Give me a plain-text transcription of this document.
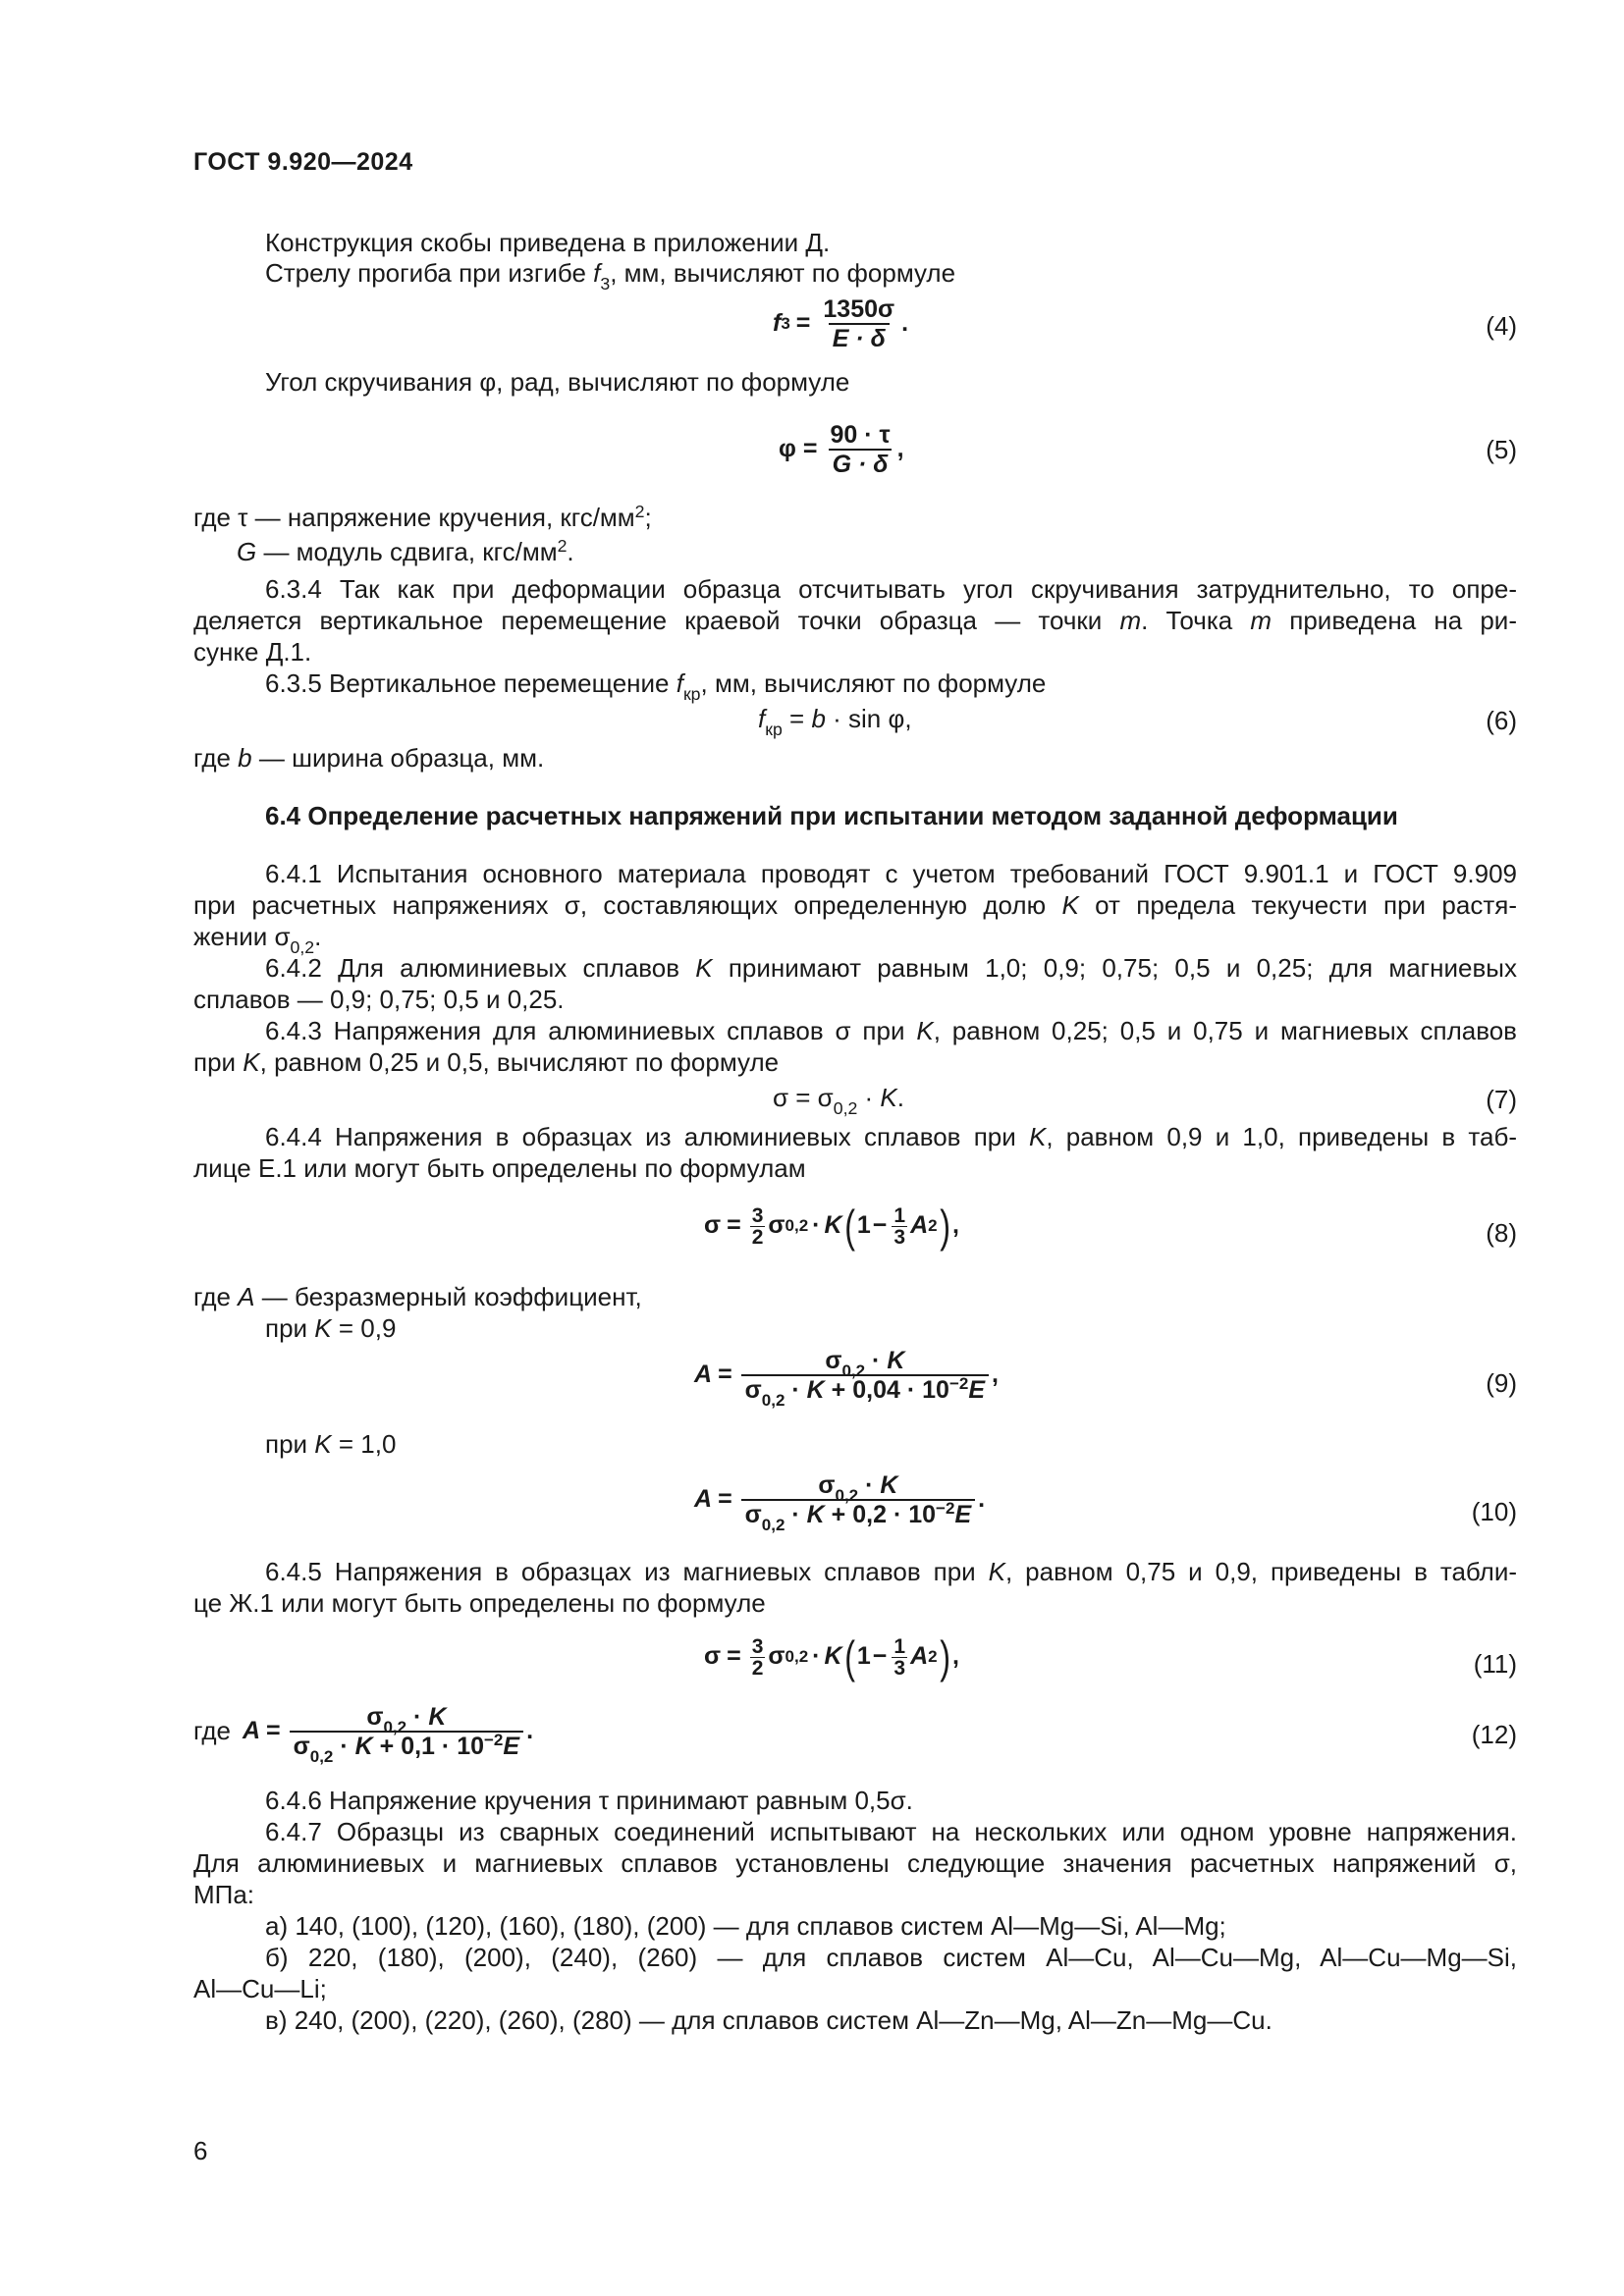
ГОСТ 9.920—2024
Конструкция скобы приведена в приложении Д.
Стрелу прогиба при изгибе $f_3$, мм, вычисляют по формуле
f $3 = \frac{1350\sigma}{E \cdot \delta}$ .	(4)
Угол скручивания φ, рад, вычисляют по формуле
$\varphi = \frac{90 \cdot \tau}{G \cdot \delta}$ ,	(5)
где τ — напряжение кручения, кгс/$мм^2$;
G — модуль сдвига, кгс/$мм^2$.
6.3.4 Так как при деформации образца отсчитывать угол скручивания затруднительно, то опре-
деляется вертикальное перемещение краевой точки образца — точки m. Точка m приведена на ри-
сунке Д.1.
6.3.5 Вертикальное перемещение $f_{кр}$, мм, вычисляют по формуле
$f_{кр} = b \cdot \sin \varphi$,	(6)
где b — ширина образца, мм.
6.4 Определение расчетных напряжений при испытании методом заданной деформации
6.4.1 Испытания основного материала проводят с учетом требований ГОСТ 9.901.1 и ГОСТ 9.909
при расчетных напряжениях σ, составляющих определенную долю K от предела текучести при растя-
жении $\sigma_{0,2}$.
6.4.2 Для алюминиевых сплавов K принимают равным 1,0; 0,9; 0,75; 0,5 и 0,25; для магниевых
сплавов — 0,9; 0,75; 0,5 и 0,25.
6.4.3 Напряжения для алюминиевых сплавов σ при K, равном 0,25; 0,5 и 0,75 и магниевых сплавов
при K, равном 0,25 и 0,5, вычисляют по формуле
$\sigma = \sigma_{0,2} \cdot K$.	(7)
6.4.4 Напряжения в образцах из алюминиевых сплавов при K, равном 0,9 и 1,0, приведены в таб-
лице Е.1 или могут быть определены по формулам
$\sigma = \frac{3}{2}$ σ 0,2 · K ( $1 - \frac{1}{3}$ A 2 ) ,	(8)
где A — безразмерный коэффициент,
при K = 0,9
$A = \frac{\sigma_{0,2} \cdot K}{\sigma_{0,2} \cdot K + 0,04 \cdot 10^{-2}E}$ ,	(9)
при K = 1,0
$A = \frac{\sigma_{0,2} \cdot K}{\sigma_{0,2} \cdot K + 0,2 \cdot 10^{-2}E}$ .	(10)
6.4.5 Напряжения в образцах из магниевых сплавов при K, равном 0,75 и 0,9, приведены в табли-
це Ж.1 или могут быть определены по формуле
$\sigma = \frac{3}{2}$ σ 0,2 · K ( $1 - \frac{1}{3}$ A 2 ) ,	(11)
где $A = \frac{\sigma_{0,2} \cdot K}{\sigma_{0,2} \cdot K + 0,1 \cdot 10^{-2}E}$ .	(12)
6.4.6 Напряжение кручения τ принимают равным 0,5σ.
6.4.7 Образцы из сварных соединений испытывают на нескольких или одном уровне напряжения.
Для алюминиевых и магниевых сплавов установлены следующие значения расчетных напряжений σ,
МПа:
а) 140, (100), (120), (160), (180), (200) — для сплавов систем Al—Mg—Si, Al—Mg;
б) 220, (180), (200), (240), (260) — для сплавов систем Al—Cu, Al—Cu—Mg, Al—Cu—Mg—Si,
Al—Cu—Li;
в) 240, (200), (220), (260), (280) — для сплавов систем Al—Zn—Mg, Al—Zn—Mg—Cu.
6
